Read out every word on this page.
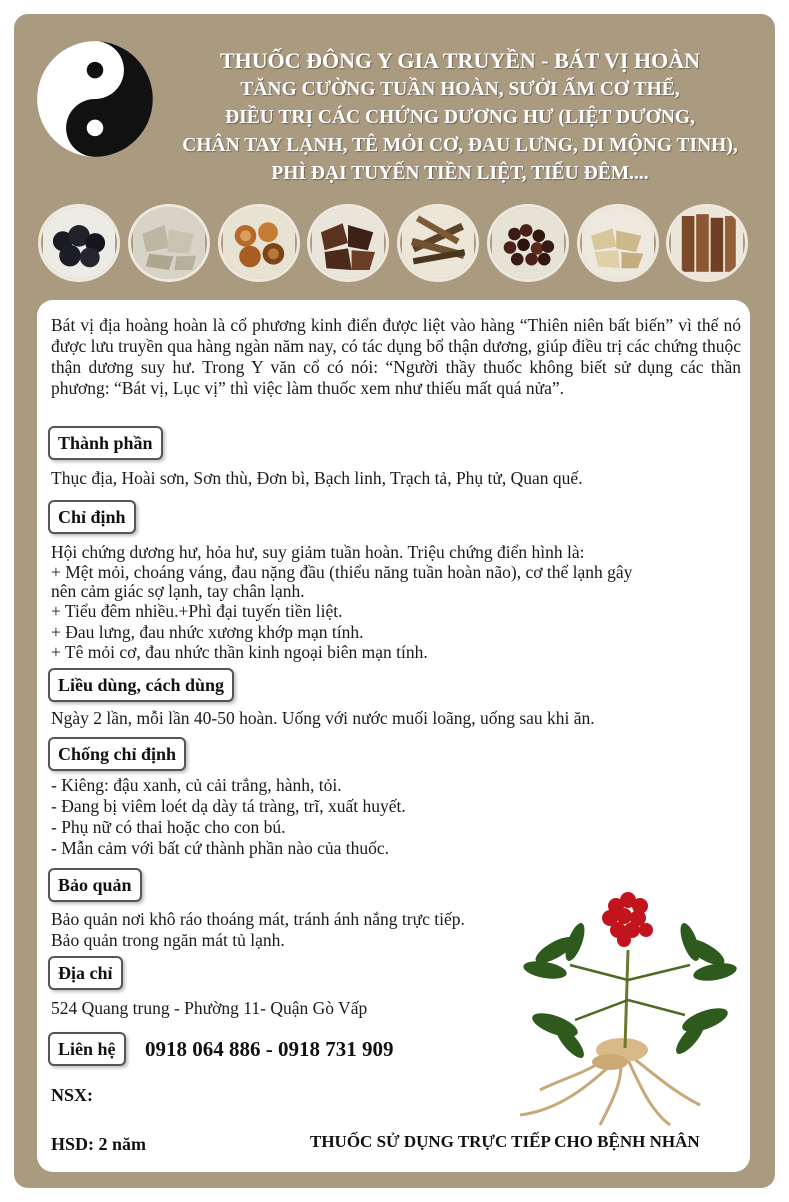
THUỐC ĐÔNG Y GIA TRUYỀN - BÁT VỊ HOÀN
TĂNG CƯỜNG TUẦN HOÀN, SƯỞI ẤM CƠ THỂ,
ĐIỀU TRỊ CÁC CHỨNG DƯƠNG HƯ (LIỆT DƯƠNG,
CHÂN TAY LẠNH, TÊ MỎI CƠ, ĐAU LƯNG, DI MỘNG TINH),
PHÌ ĐẠI TUYẾN TIỀN LIỆT, TIỂU ĐÊM....
Bát vị địa hoàng hoàn là cổ phương kinh điển được liệt vào hàng “Thiên niên bất biến” vì thế nó được lưu truyền qua hàng ngàn năm nay, có tác dụng bổ thận dương, giúp điều trị các chứng thuộc thận dương suy hư. Trong Y văn cổ có nói: “Người thầy thuốc không biết sử dụng các thần phương: “Bát vị, Lục vị” thì việc làm thuốc xem như thiếu mất quá nửa”.
Thành phần
Thục địa, Hoài sơn, Sơn thù, Đơn bì, Bạch linh, Trạch tả, Phụ tử, Quan quế.
Chỉ định
Hội chứng dương hư, hỏa hư, suy giảm tuần hoàn. Triệu chứng điển hình là:
+ Mệt mỏi, choáng váng, đau nặng đầu (thiểu năng tuần hoàn não), cơ thể lạnh gây
nên cảm giác sợ lạnh, tay chân lạnh.
+ Tiểu đêm nhiều.+Phì đại tuyến tiền liệt.
+ Đau lưng, đau nhức xương khớp mạn tính.
+ Tê mỏi cơ, đau nhức thần kinh ngoại biên mạn tính.
Liều dùng, cách dùng
Ngày 2 lần, mỗi lần 40-50 hoàn. Uống với nước muối loãng, uống sau khi ăn.
Chống chỉ định
- Kiêng: đậu xanh, củ cải trắng, hành, tỏi.
- Đang bị viêm loét dạ dày tá tràng, trĩ, xuất huyết.
- Phụ nữ có thai hoặc cho con bú.
- Mẫn cảm với bất cứ thành phần nào của thuốc.
Bảo quản
Bảo quản nơi khô ráo thoáng mát, tránh ánh nắng trực tiếp.
Bảo quản trong ngăn mát tủ lạnh.
Địa chỉ
524 Quang trung - Phường 11- Quận Gò Vấp
Liên hệ	0918 064 886 - 0918 731 909
NSX:
HSD: 2 năm	THUỐC SỬ DỤNG TRỰC TIẾP CHO BỆNH NHÂN
